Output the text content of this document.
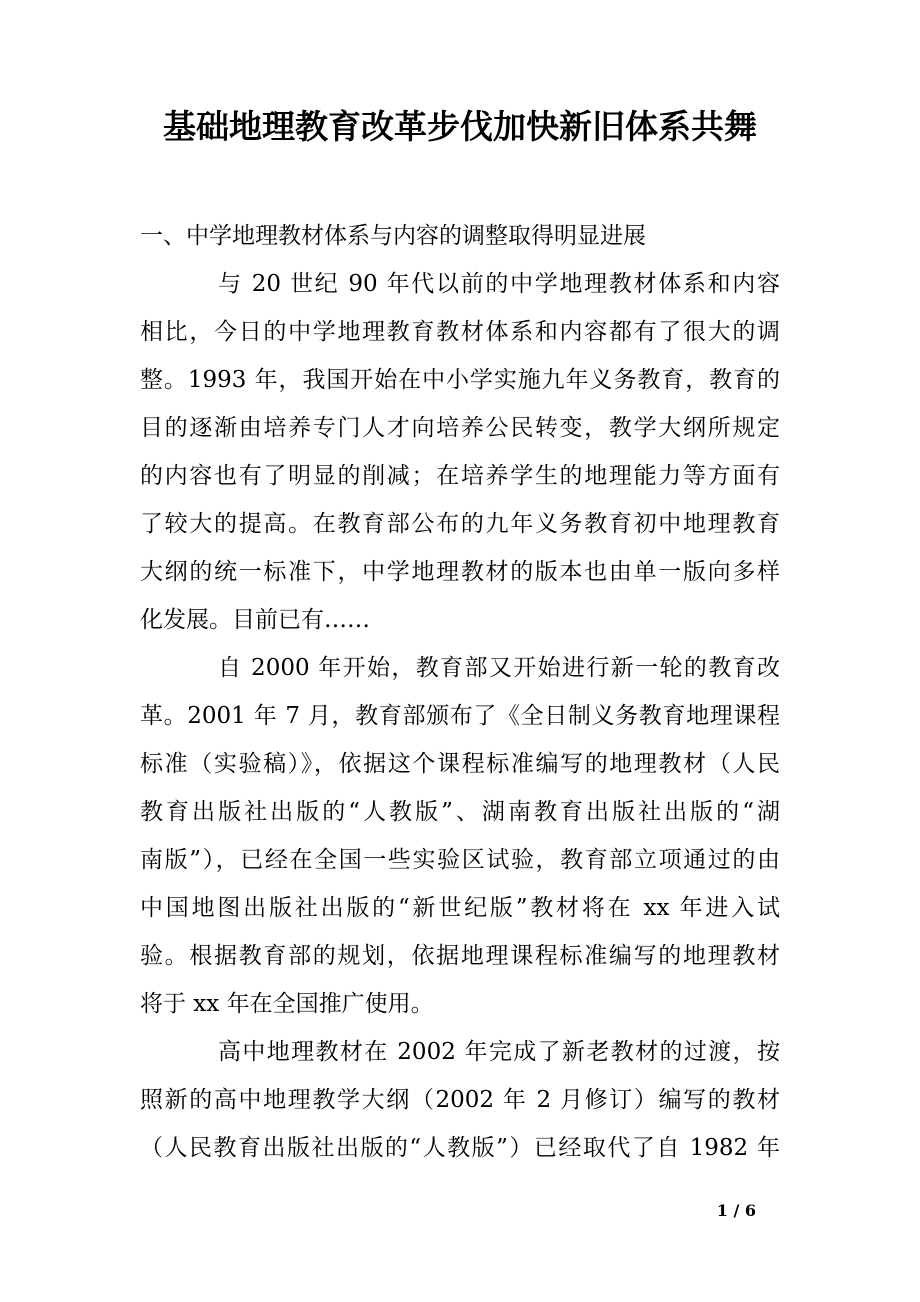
基础地理教育改革步伐加快新旧体系共舞
一、中学地理教材体系与内容的调整取得明显进展
与 20 世纪 90 年代以前的中学地理教材体系和内容
相比，今日的中学地理教育教材体系和内容都有了很大的调
整。1993 年，我国开始在中小学实施九年义务教育，教育的
目的逐渐由培养专门人才向培养公民转变，教学大纲所规定
的内容也有了明显的削减；在培养学生的地理能力等方面有
了较大的提高。在教育部公布的九年义务教育初中地理教育
大纲的统一标准下，中学地理教材的版本也由单一版向多样
化发展。目前已有……
自 2000 年开始，教育部又开始进行新一轮的教育改
革。2001 年 7 月，教育部颁布了《全日制义务教育地理课程
标准（实验稿）》，依据这个课程标准编写的地理教材（人民
教育出版社出版的“人教版”、湖南教育出版社出版的“湖
南版”），已经在全国一些实验区试验，教育部立项通过的由
中国地图出版社出版的“新世纪版”教材将在 xx 年进入试
验。根据教育部的规划，依据地理课程标准编写的地理教材
将于 xx 年在全国推广使用。
高中地理教材在 2002 年完成了新老教材的过渡，按
照新的高中地理教学大纲（2002 年 2 月修订）编写的教材
（人民教育出版社出版的“人教版”）已经取代了自 1982 年
1 / 6
